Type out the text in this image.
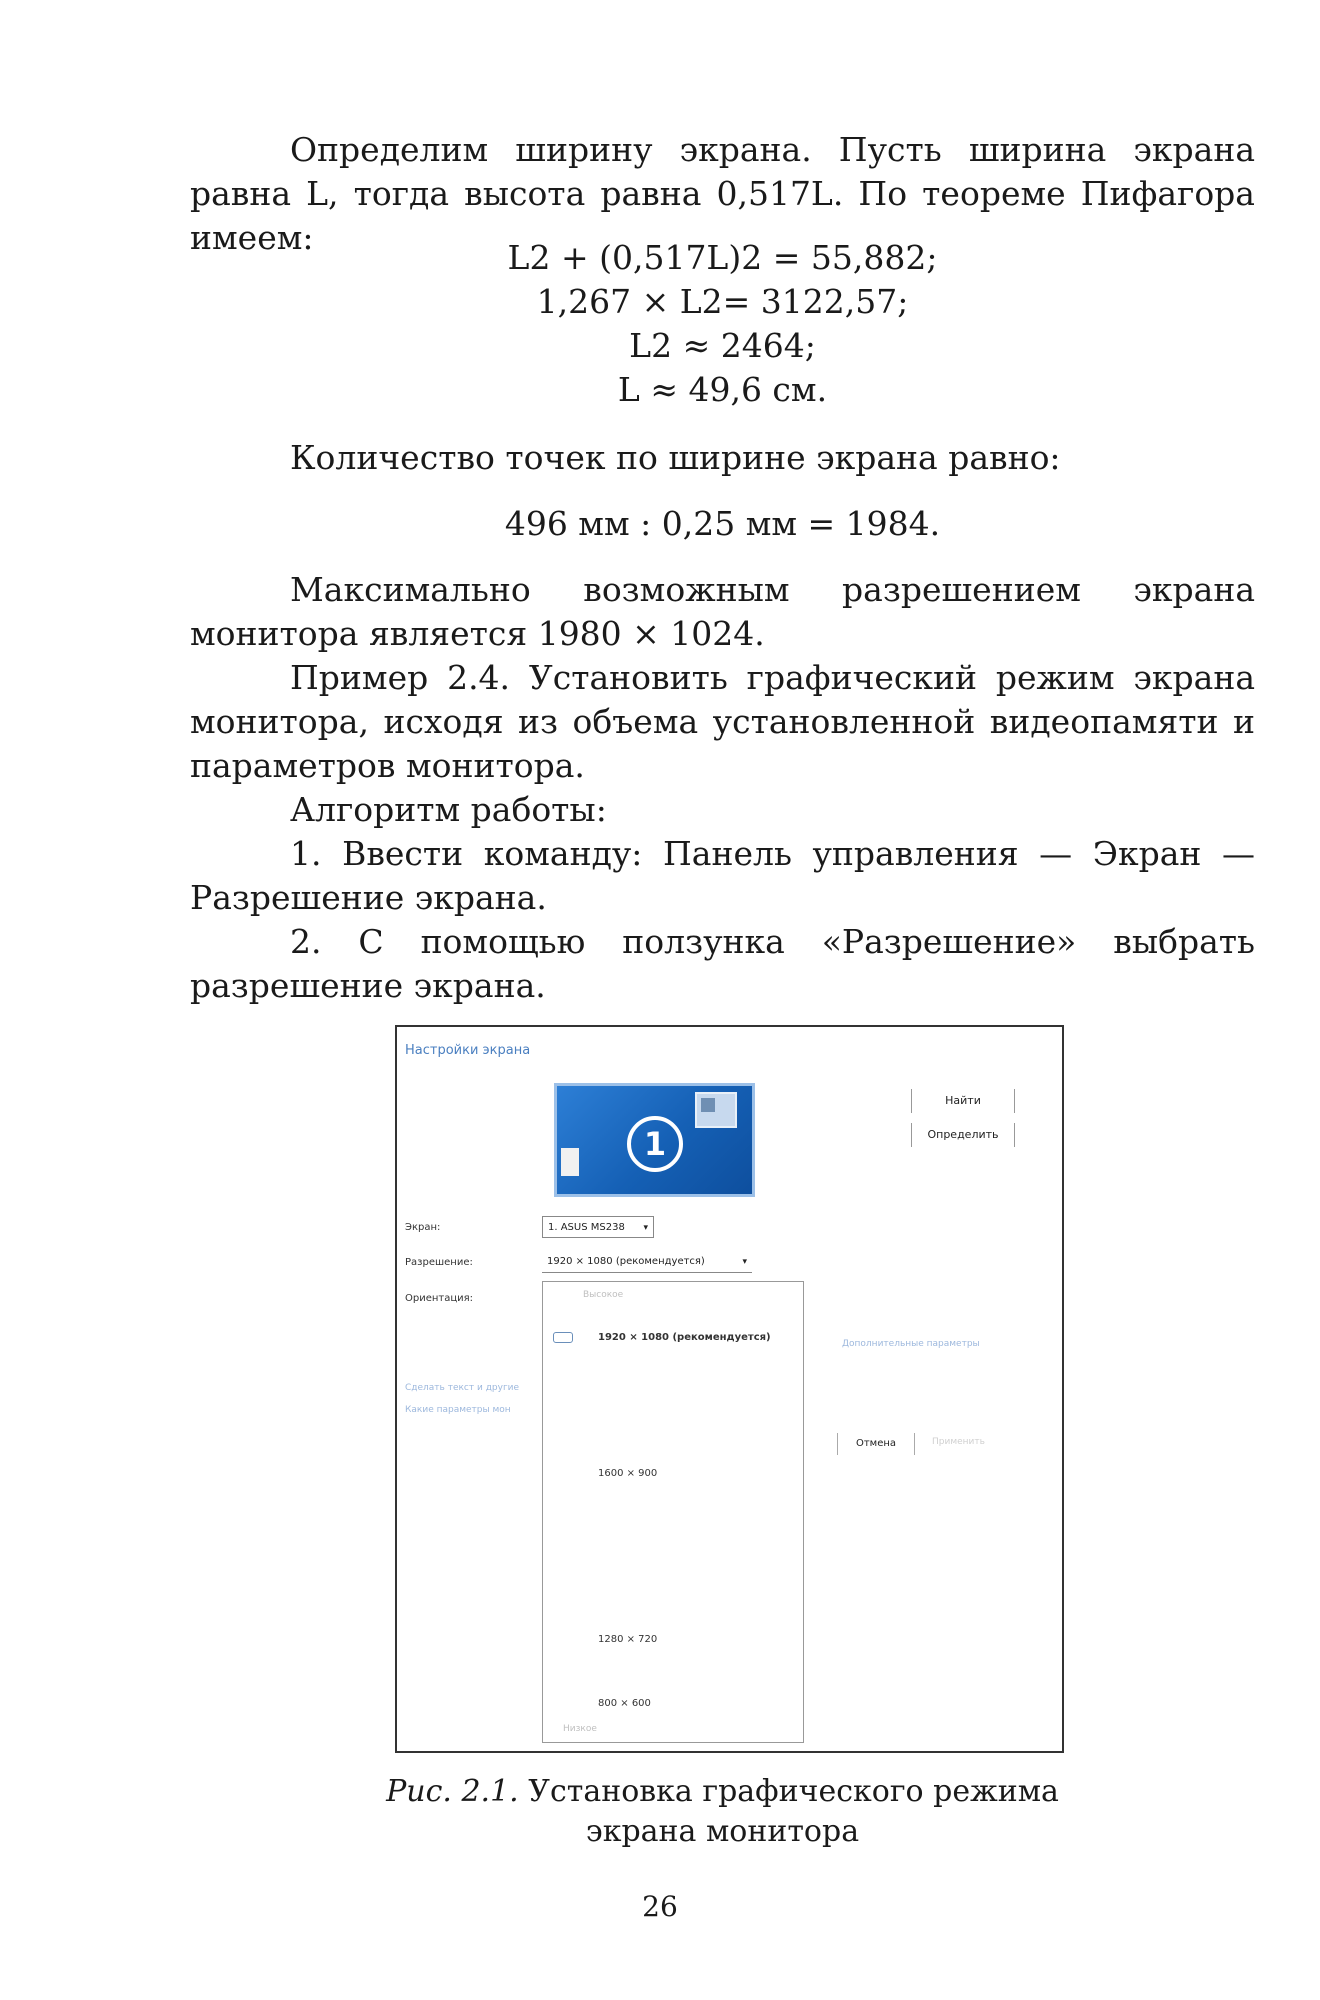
Определим ширину экрана. Пусть ширина экрана равна L, тогда высота равна 0,517L. По теореме Пифагора имеем:

L2 + (0,517L)2 = 55,882;

1,267 × L2= 3122,57;

L2 ≈ 2464;

L ≈ 49,6 см.

Количество точек по ширине экрана равно:

496 мм : 0,25 мм = 1984.

Максимально возможным разрешением экрана монитора является 1980 × 1024.

Пример 2.4. Установить графический режим экрана монитора, исходя из объема установленной видеопамяти и параметров монитора.

Алгоритм работы:

1. Ввести команду: Панель управления — Экран — Разрешение экрана.

2. С помощью ползунка «Разрешение» выбрать разрешение экрана.

Настройки экрана
1
Найти
Определить
Экран:	1. ASUS MS238 ▾
Разрешение:	1920 × 1080 (рекомендуется)	▾
Ориентация:	Высокое
1920 × 1080 (рекомендуется)
1600 × 900
1280 × 720
800 × 600
Низкое
Сделать текст и другие
Какие параметры мон
Дополнительные параметры
Отмена	Применить

Рис. 2.1. Установка графического режима

экрана монитора

26
